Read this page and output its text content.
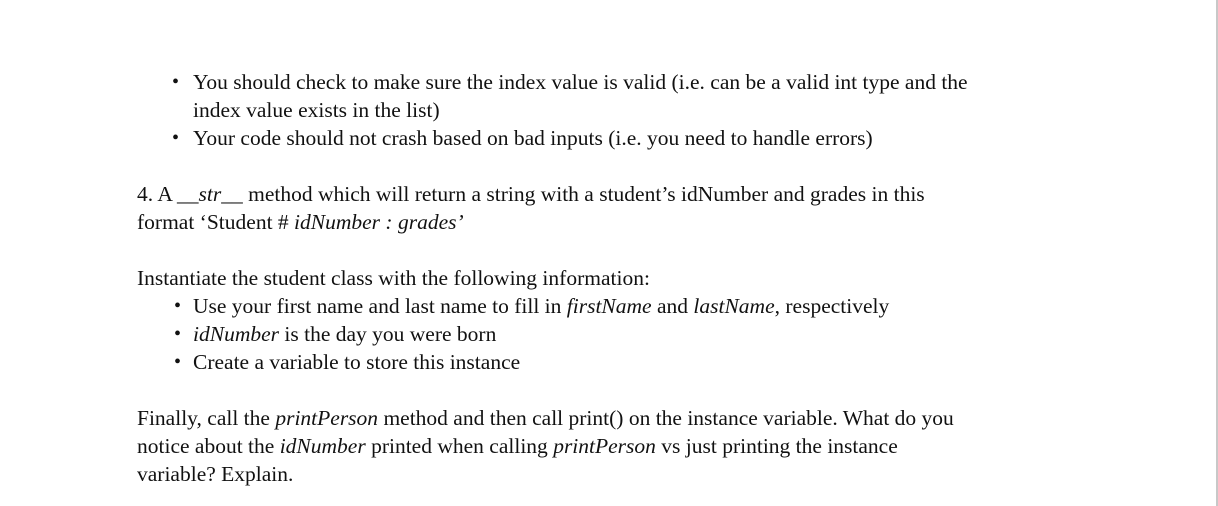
• You should check to make sure the index value is valid (i.e. can be a valid int type and the
index value exists in the list)
• Your code should not crash based on bad inputs (i.e. you need to handle errors)
4. A __str__ method which will return a string with a student’s idNumber and grades in this
format ‘Student # idNumber : grades’
Instantiate the student class with the following information:
• Use your first name and last name to fill in firstName and lastName, respectively
• idNumber is the day you were born
• Create a variable to store this instance
Finally, call the printPerson method and then call print() on the instance variable. What do you
notice about the idNumber printed when calling printPerson vs just printing the instance
variable? Explain.
